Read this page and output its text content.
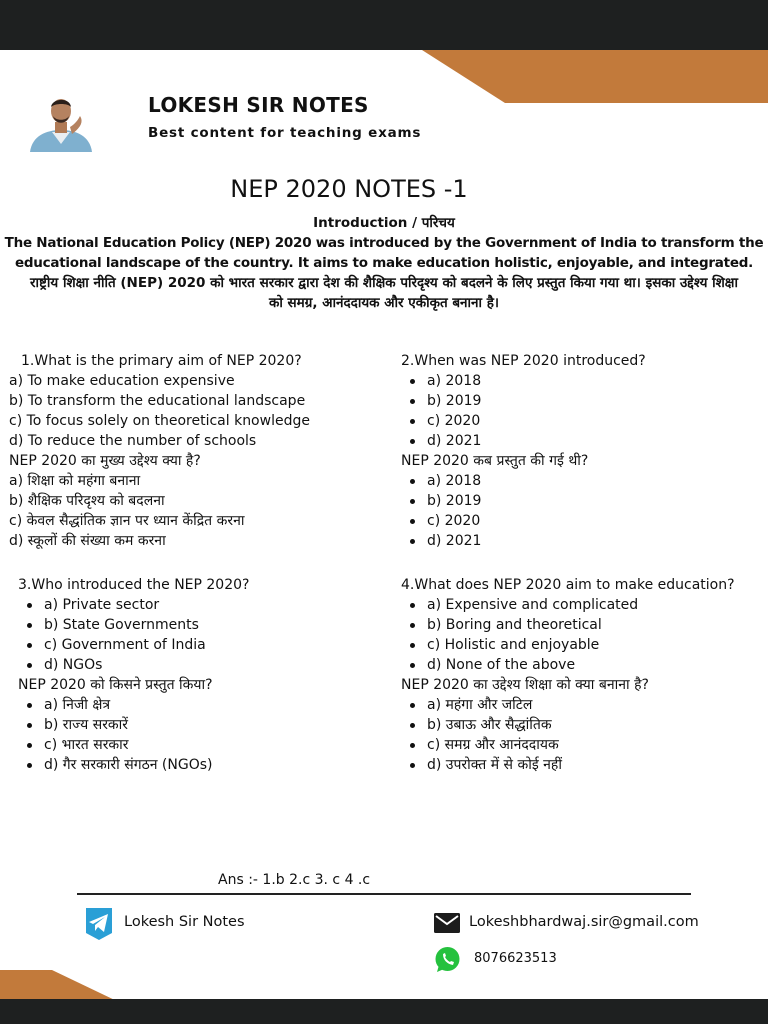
LOKESH SIR NOTES
Best content for teaching exams
NEP 2020 NOTES -1
Introduction / परिचय
The National Education Policy (NEP) 2020 was introduced by the Government of India to transform the
educational landscape of the country. It aims to make education holistic, enjoyable, and integrated.
राष्ट्रीय शिक्षा नीति (NEP) 2020 को भारत सरकार द्वारा देश की शैक्षिक परिदृश्य को बदलने के लिए प्रस्तुत किया गया था। इसका उद्देश्य शिक्षा
को समग्र, आनंददायक और एकीकृत बनाना है।
1.What is the primary aim of NEP 2020?
a) To make education expensive
b) To transform the educational landscape
c) To focus solely on theoretical knowledge
d) To reduce the number of schools
NEP 2020 का मुख्य उद्देश्य क्या है?
a) शिक्षा को महंगा बनाना
b) शैक्षिक परिदृश्य को बदलना
c) केवल सैद्धांतिक ज्ञान पर ध्यान केंद्रित करना
d) स्कूलों की संख्या कम करना
2.When was NEP 2020 introduced?
a) 2018
b) 2019
c) 2020
d) 2021
NEP 2020 कब प्रस्तुत की गई थी?
a) 2018
b) 2019
c) 2020
d) 2021
3.Who introduced the NEP 2020?
a) Private sector
b) State Governments
c) Government of India
d) NGOs
NEP 2020 को किसने प्रस्तुत किया?
a) निजी क्षेत्र
b) राज्य सरकारें
c) भारत सरकार
d) गैर सरकारी संगठन (NGOs)
4.What does NEP 2020 aim to make education?
a) Expensive and complicated
b) Boring and theoretical
c) Holistic and enjoyable
d) None of the above
NEP 2020 का उद्देश्य शिक्षा को क्या बनाना है?
a) महंगा और जटिल
b) उबाऊ और सैद्धांतिक
c) समग्र और आनंददायक
d) उपरोक्त में से कोई नहीं
Ans :- 1.b 2.c 3. c 4 .c
Lokesh Sir Notes	Lokeshbhardwaj.sir@gmail.com
8076623513
